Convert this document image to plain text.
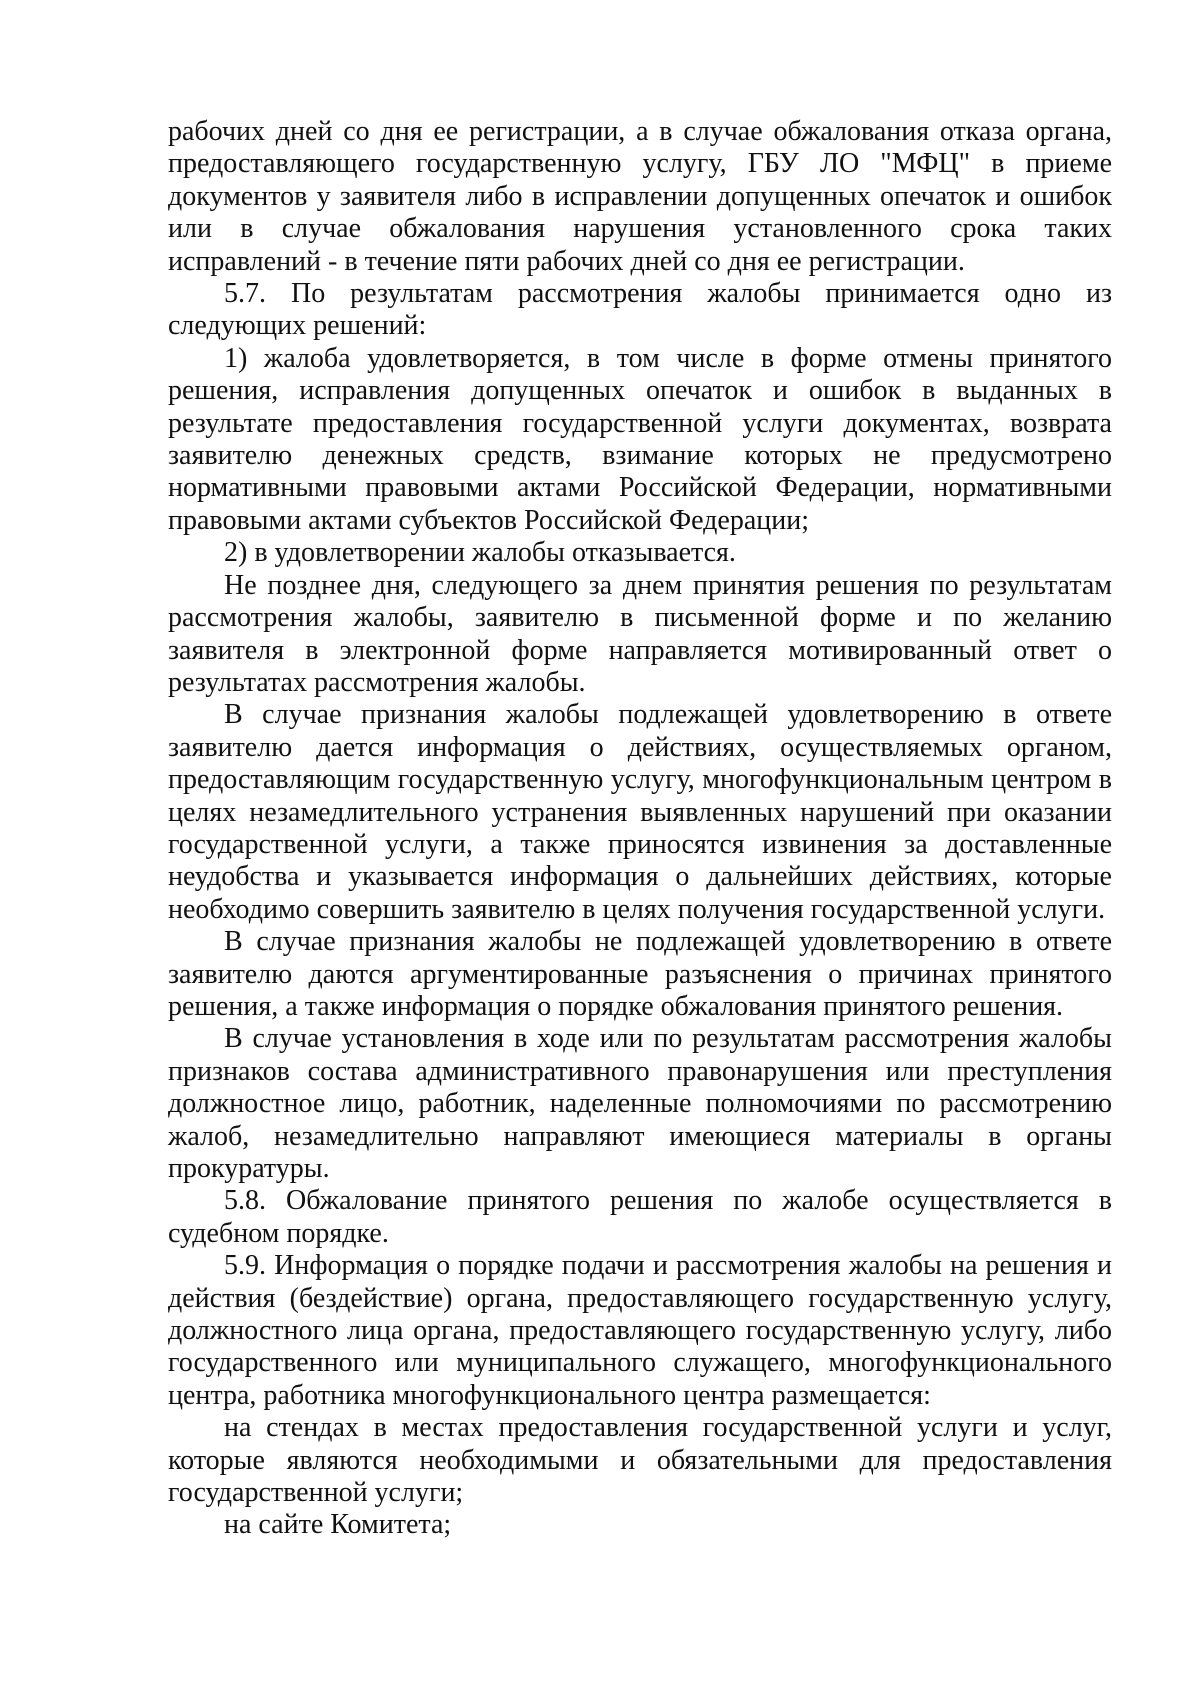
рабочих дней со дня ее регистрации, а в случае обжалования отказа органа, предоставляющего государственную услугу, ГБУ ЛО "МФЦ" в приеме документов у заявителя либо в исправлении допущенных опечаток и ошибок или в случае обжалования нарушения установленного срока таких исправлений - в течение пяти рабочих дней со дня ее регистрации.

5.7. По результатам рассмотрения жалобы принимается одно из следующих решений:

1) жалоба удовлетворяется, в том числе в форме отмены принятого решения, исправления допущенных опечаток и ошибок в выданных в результате предоставления государственной услуги документах, возврата заявителю денежных средств, взимание которых не предусмотрено нормативными правовыми актами Российской Федерации, нормативными правовыми актами субъектов Российской Федерации;

2) в удовлетворении жалобы отказывается.

Не позднее дня, следующего за днем принятия решения по результатам рассмотрения жалобы, заявителю в письменной форме и по желанию заявителя в электронной форме направляется мотивированный ответ о результатах рассмотрения жалобы.

В случае признания жалобы подлежащей удовлетворению в ответе заявителю дается информация о действиях, осуществляемых органом, предоставляющим государственную услугу, многофункциональным центром в целях незамедлительного устранения выявленных нарушений при оказании государственной услуги, а также приносятся извинения за доставленные неудобства и указывается информация о дальнейших действиях, которые необходимо совершить заявителю в целях получения государственной услуги.

В случае признания жалобы не подлежащей удовлетворению в ответе заявителю даются аргументированные разъяснения о причинах принятого решения, а также информация о порядке обжалования принятого решения.

В случае установления в ходе или по результатам рассмотрения жалобы признаков состава административного правонарушения или преступления должностное лицо, работник, наделенные полномочиями по рассмотрению жалоб, незамедлительно направляют имеющиеся материалы в органы прокуратуры.

5.8. Обжалование принятого решения по жалобе осуществляется в судебном порядке.

5.9. Информация о порядке подачи и рассмотрения жалобы на решения и действия (бездействие) органа, предоставляющего государственную услугу, должностного лица органа, предоставляющего государственную услугу, либо государственного или муниципального служащего, многофункционального центра, работника многофункционального центра размещается:

на стендах в местах предоставления государственной услуги и услуг, которые являются необходимыми и обязательными для предоставления государственной услуги;

на сайте Комитета;
